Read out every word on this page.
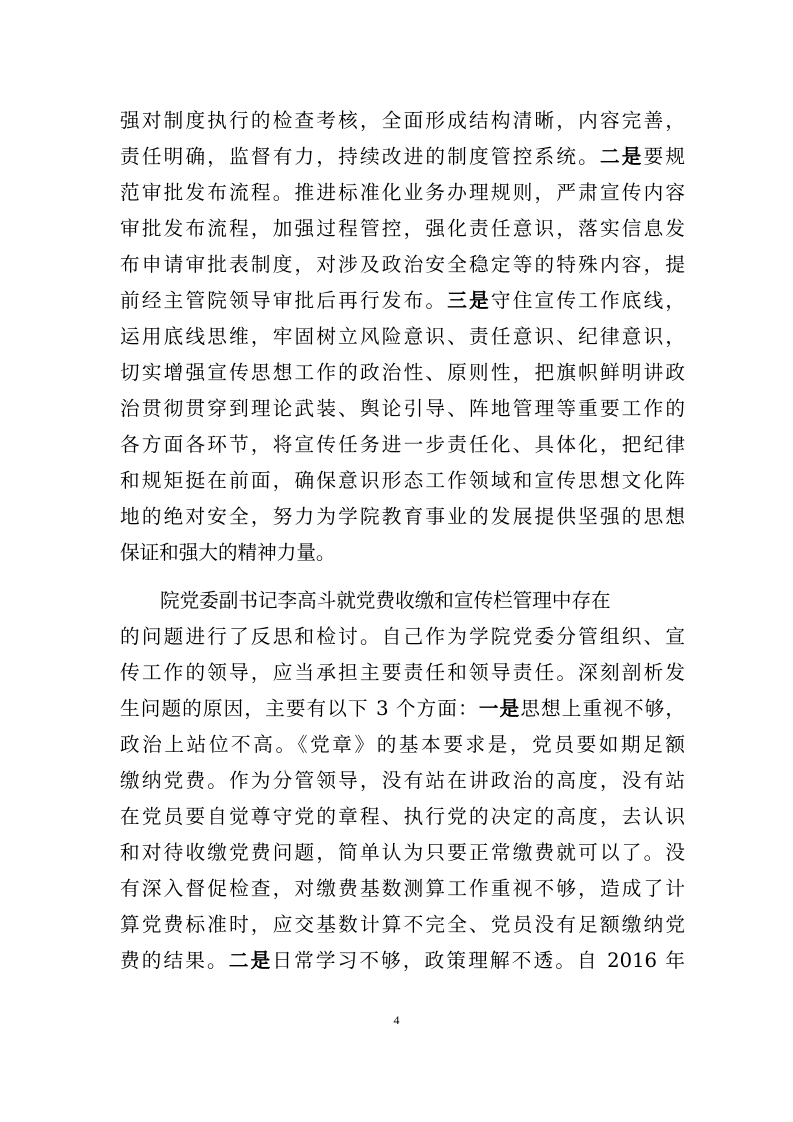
强对制度执行的检查考核，全面形成结构清晰，内容完善，
责任明确，监督有力，持续改进的制度管控系统。二是要规
范审批发布流程。推进标准化业务办理规则，严肃宣传内容
审批发布流程，加强过程管控，强化责任意识，落实信息发
布申请审批表制度，对涉及政治安全稳定等的特殊内容，提
前经主管院领导审批后再行发布。三是守住宣传工作底线，
运用底线思维，牢固树立风险意识、责任意识、纪律意识，
切实增强宣传思想工作的政治性、原则性，把旗帜鲜明讲政
治贯彻贯穿到理论武装、舆论引导、阵地管理等重要工作的
各方面各环节，将宣传任务进一步责任化、具体化，把纪律
和规矩挺在前面，确保意识形态工作领域和宣传思想文化阵
地的绝对安全，努力为学院教育事业的发展提供坚强的思想
保证和强大的精神力量。
院党委副书记李高斗就党费收缴和宣传栏管理中存在
的问题进行了反思和检讨。自己作为学院党委分管组织、宣
传工作的领导，应当承担主要责任和领导责任。深刻剖析发
生问题的原因，主要有以下 3 个方面：一是思想上重视不够，
政治上站位不高。《党章》的基本要求是，党员要如期足额
缴纳党费。作为分管领导，没有站在讲政治的高度，没有站
在党员要自觉尊守党的章程、执行党的决定的高度，去认识
和对待收缴党费问题，简单认为只要正常缴费就可以了。没
有深入督促检查，对缴费基数测算工作重视不够，造成了计
算党费标准时，应交基数计算不完全、党员没有足额缴纳党
费的结果。二是日常学习不够，政策理解不透。自 2016 年
4
